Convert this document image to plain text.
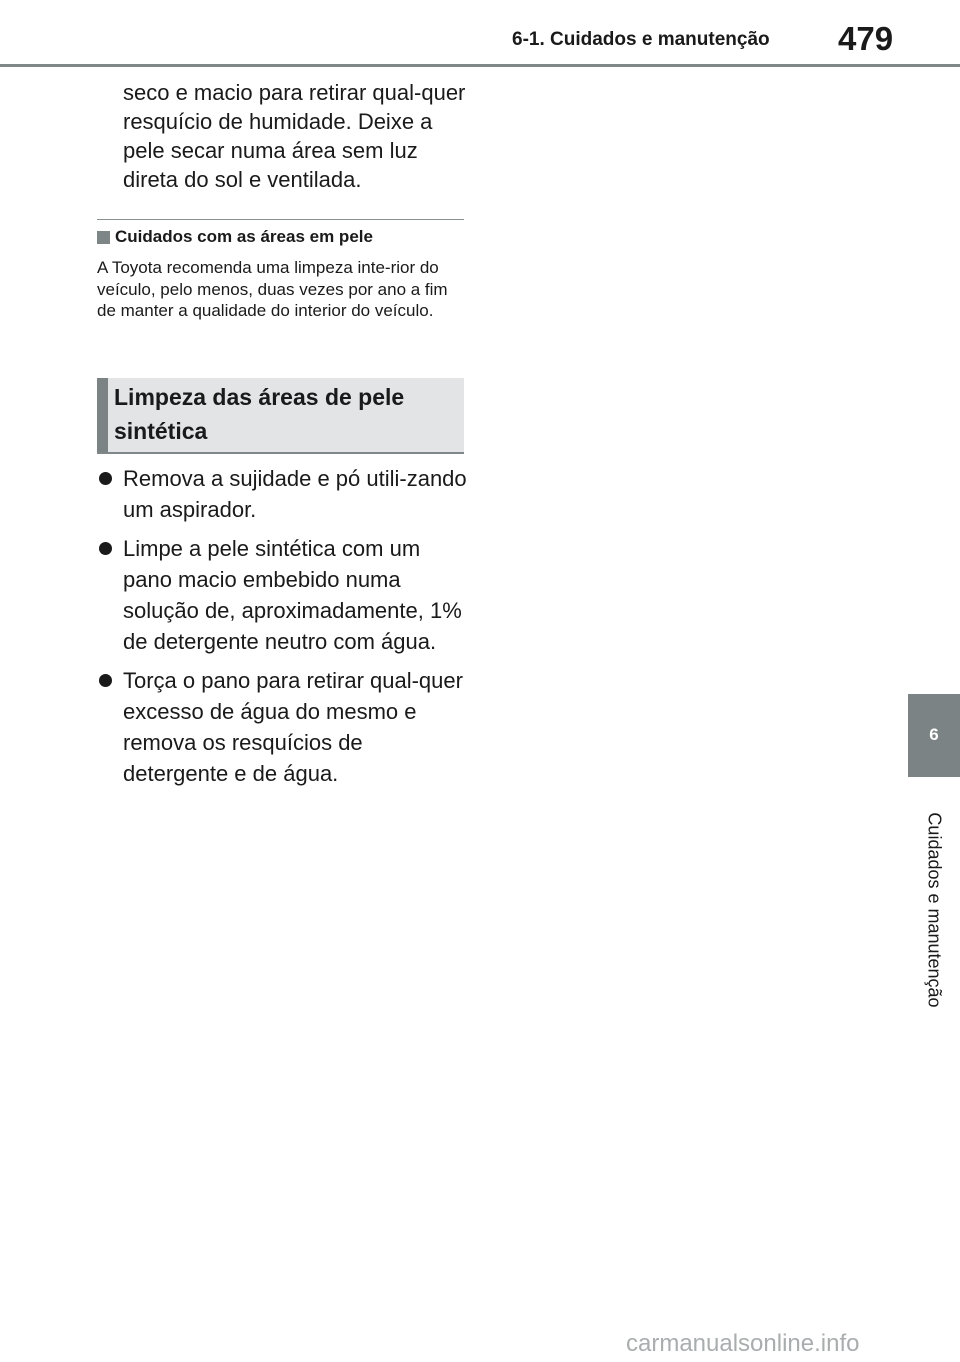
6-1. Cuidados e manutenção 479
seco e macio para retirar qual-quer resquício de humidade. Deixe a pele secar numa área sem luz direta do sol e ventilada.
Cuidados com as áreas em pele
A Toyota recomenda uma limpeza inte-rior do veículo, pelo menos, duas vezes por ano a fim de manter a qualidade do interior do veículo.
Limpeza das áreas de pele sintética
Remova a sujidade e pó utili-zando um aspirador.
Limpe a pele sintética com um pano macio embebido numa solução de, aproximadamente, 1% de detergente neutro com água.
Torça o pano para retirar qual-quer excesso de água do mesmo e remova os resquícios de detergente e de água.
6
Cuidados e manutenção
carmanualsonline.info
